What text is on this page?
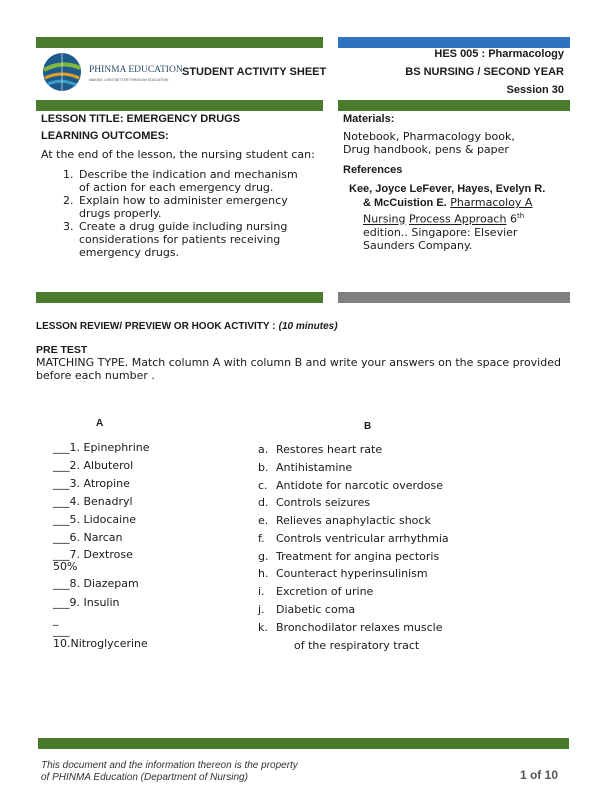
PHINMA EDUCATION
MAKING LIVES BETTER THROUGH EDUCATION
STUDENT ACTIVITY SHEET
HES 005 : Pharmacology
BS NURSING / SECOND YEAR
Session 30
LESSON TITLE: EMERGENCY DRUGS
LEARNING OUTCOMES:
At the end of the lesson, the nursing student can:
1. Describe the indication and mechanism of action for each emergency drug.
2. Explain how to administer emergency drugs properly.
3. Create a drug guide including nursing considerations for patients receiving emergency drugs.
Materials:
Notebook, Pharmacology book, Drug handbook, pens & paper
References
Kee, Joyce LeFever, Hayes, Evelyn R. & McCuistion E. Pharmacoloy A Nursing Process Approach 6th edition.. Singapore: Elsevier Saunders Company.
LESSON REVIEW/ PREVIEW OR HOOK ACTIVITY : (10 minutes)
PRE TEST
MATCHING TYPE. Match column A with column B and write your answers on the space provided before each number .
A	B
___1. Epinephrine
___2. Albuterol
___3. Atropine
___4. Benadryl
___5. Lidocaine
___6. Narcan
___7. Dextrose
50%
___8. Diazepam
___9. Insulin
_
___
10.Nitroglycerine
a. Restores heart rate
b. Antihistamine
c. Antidote for narcotic overdose
d. Controls seizures
e. Relieves anaphylactic shock
f. Controls ventricular arrhythmia
g. Treatment for angina pectoris
h. Counteract hyperinsulinism
i. Excretion of urine
j. Diabetic coma
k. Bronchodilator relaxes muscle
of the respiratory tract
This document and the information thereon is the property
of PHINMA Education (Department of Nursing)	1 of 10
